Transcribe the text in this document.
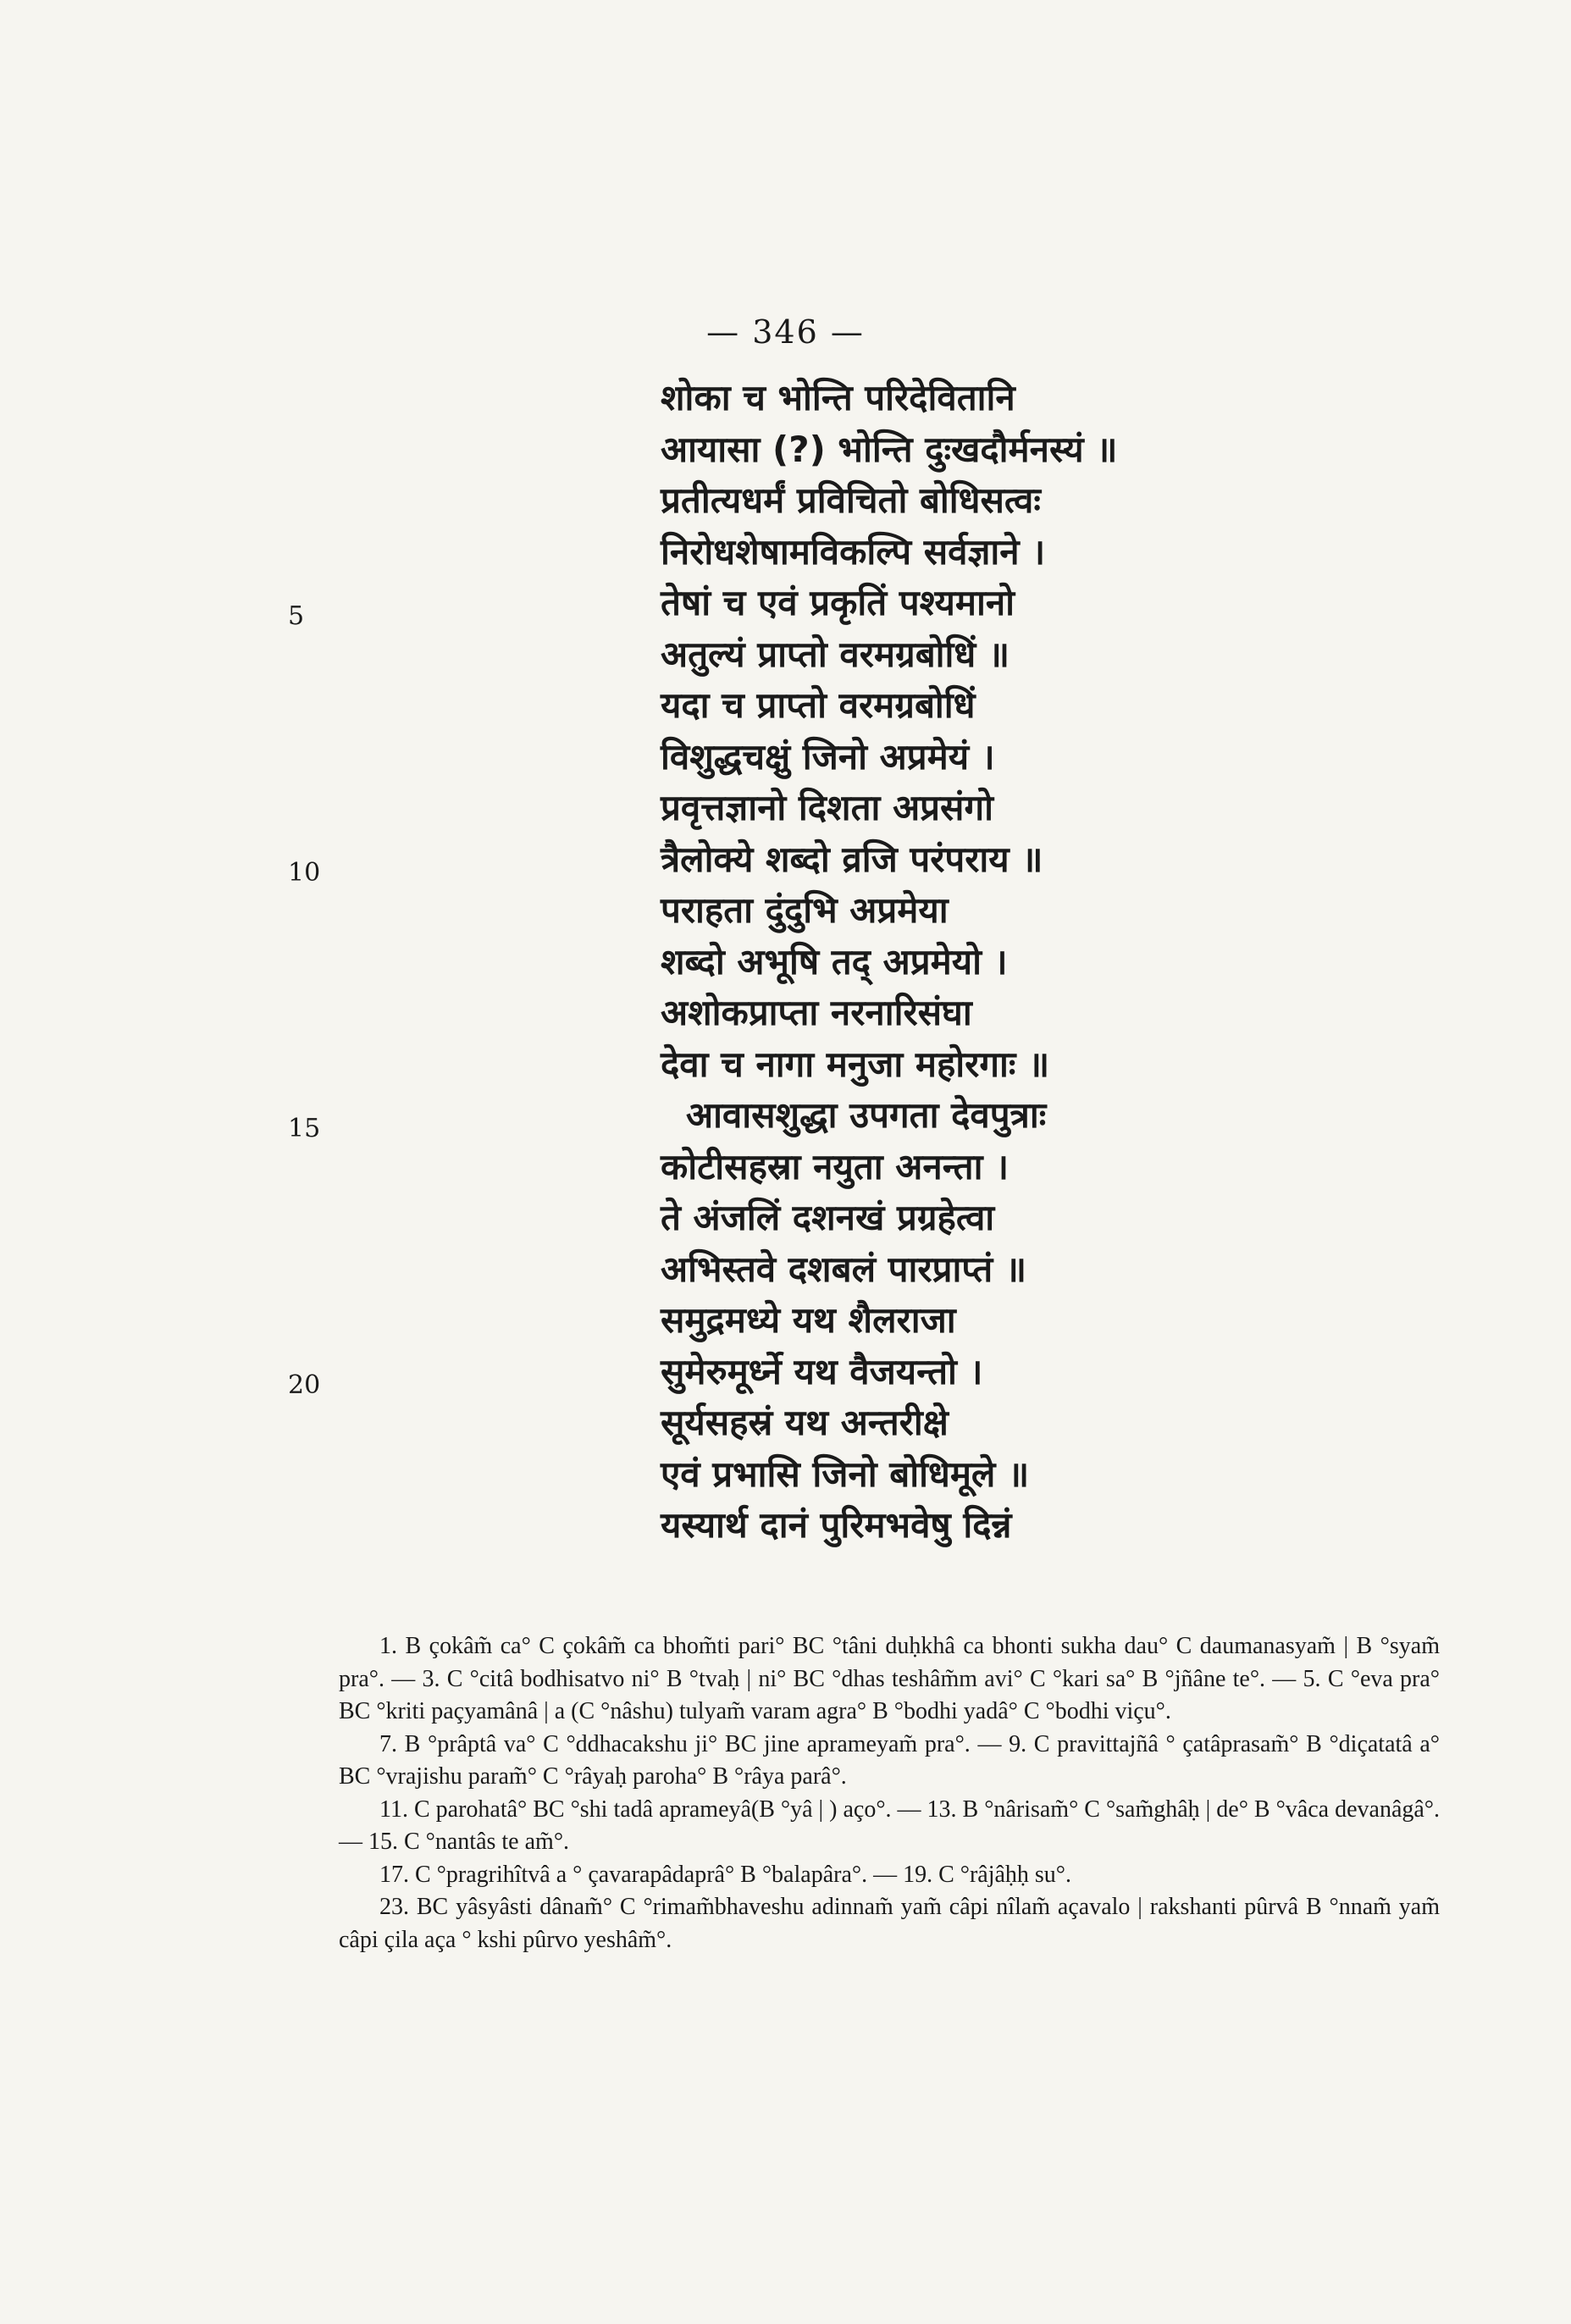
— 346 —
शोका च भोन्ति परिदेवितानि
आयासा (?) भोन्ति दुःखदौर्मनस्यं ॥
प्रतीत्यधर्मं प्रविचितो बोधिसत्वः
निरोधशेषामविकल्पि सर्वज्ञाने ।
तेषां च एवं प्रकृतिं पश्यमानो
अतुल्यं प्राप्तो वरमग्रबोधिं ॥
यदा च प्राप्तो वरमग्रबोधिं
विशुद्धचक्षुं जिनो अप्रमेयं ।
प्रवृत्तज्ञानो दिशता अप्रसंगो
त्रैलोक्ये शब्दो व्रजि परंपराय ॥
पराहता दुंदुभि अप्रमेया
शब्दो अभूषि तद् अप्रमेयो ।
अशोकप्राप्ता नरनारिसंघा
देवा च नागा मनुजा महोरगाः ॥
आवासशुद्धा उपगता देवपुत्राः
कोटीसहस्रा नयुता अनन्ता ।
ते अंजलिं दशनखं प्रग्रहेत्वा
अभिस्तवे दशबलं पारप्राप्तं ॥
समुद्रमध्ये यथ शैलराजा
सुमेरुमूर्ध्ने यथ वैजयन्तो ।
सूर्यसहस्रं यथ अन्तरीक्षे
एवं प्रभासि जिनो बोधिमूले ॥
यस्यार्थ दानं पुरिमभवेषु दिन्नं
5
10
15
20

1. B çokâm̃ ca° C çokâm̃ ca bhom̃ti pari° BC °tâni duḥkhâ ca bhonti sukha dau° C daumanasyam̃ | B °syam̃ pra°. — 3. C °citâ bodhisatvo ni° B °tvaḥ | ni° BC °dhas teshâm̃m avi° C °kari sa° B °jñâne te°. — 5. C °eva pra° BC °kriti paçyamânâ | a (C °nâshu) tulyam̃ varam agra° B °bodhi yadâ° C °bodhi viçu°.

7. B °prâptâ va° C °ddhacakshu ji° BC jine aprameyam̃ pra°. — 9. C pravittajñâ ° çatâprasam̃° B °diçatatâ a° BC °vrajishu param̃° C °râyaḥ paroha° B °râya parâ°.

11. C parohatâ° BC °shi tadâ aprameyâ(B °yâ | ) aço°. — 13. B °nârisam̃° C °sam̃ghâḥ | de° B °vâca devanâgâ°. — 15. C °nantâs te am̃°.

17. C °pragrihîtvâ a ° çavarapâdaprâ° B °balapâra°. — 19. C °râjâḥḥ su°.

23. BC yâsyâsti dânam̃° C °rimam̃bhaveshu adinnam̃ yam̃ câpi nîlam̃ açavalo | rakshanti pûrvâ B °nnam̃ yam̃ câpi çila aça ° kshi pûrvo yeshâm̃°.
